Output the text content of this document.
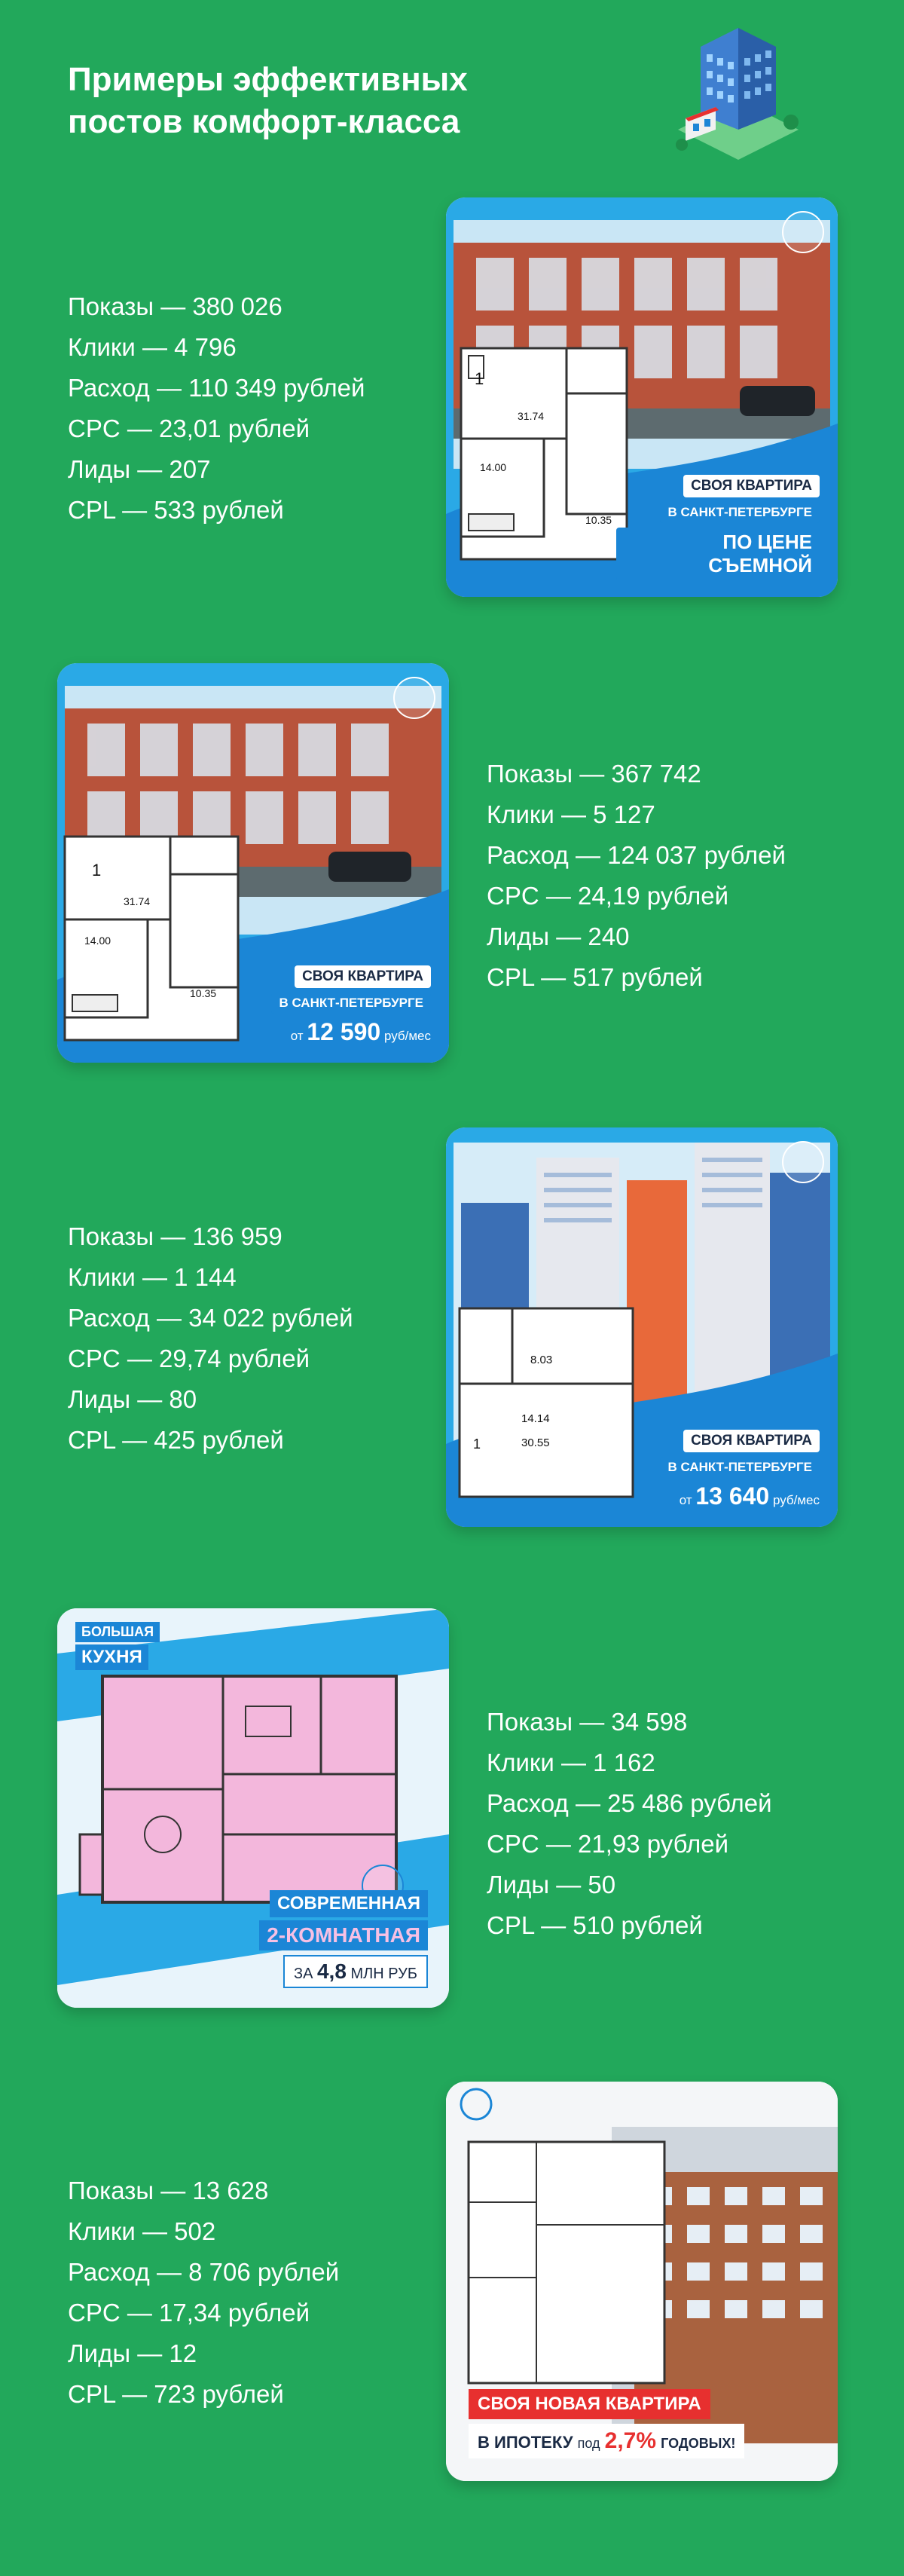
Примеры эффективных
постов комфорт-класса
Показы — 380 026
Клики — 4 796
Расход — 110 349 рублей
CPC — 23,01 рублей
Лиды — 207
CPL — 533 рублей
1
31.74
14.00
10.35
СВОЯ КВАРТИРА
В САНКТ-ПЕТЕРБУРГЕ
ПО ЦЕНЕ СЪЕМНОЙ
1
31.74
14.00
10.35
СВОЯ КВАРТИРА
В САНКТ-ПЕТЕРБУРГЕ
от 12 590 руб/мес
Показы — 367 742
Клики — 5 127
Расход — 124 037 рублей
CPC — 24,19 рублей
Лиды — 240
CPL — 517 рублей
Показы — 136 959
Клики — 1 144
Расход — 34 022 рублей
CPC — 29,74 рублей
Лиды — 80
CPL — 425 рублей
8.03
14.14
1	30.55	СВОЯ КВАРТИРА
В САНКТ-ПЕТЕРБУРГЕ
от 13 640 руб/мес
БОЛЬШАЯ
КУХНЯ
СОВРЕМЕННАЯ
2-КОМНАТНАЯ
ЗА 4,8 МЛН РУБ
Показы — 34 598
Клики — 1 162
Расход — 25 486 рублей
CPC — 21,93 рублей
Лиды — 50
CPL — 510 рублей
Показы — 13 628
Клики — 502
Расход — 8 706 рублей
CPC — 17,34 рублей
Лиды — 12
CPL — 723 рублей	СВОЯ НОВАЯ КВАРТИРА
В ИПОТЕКУ под 2,7% ГОДОВЫХ!
